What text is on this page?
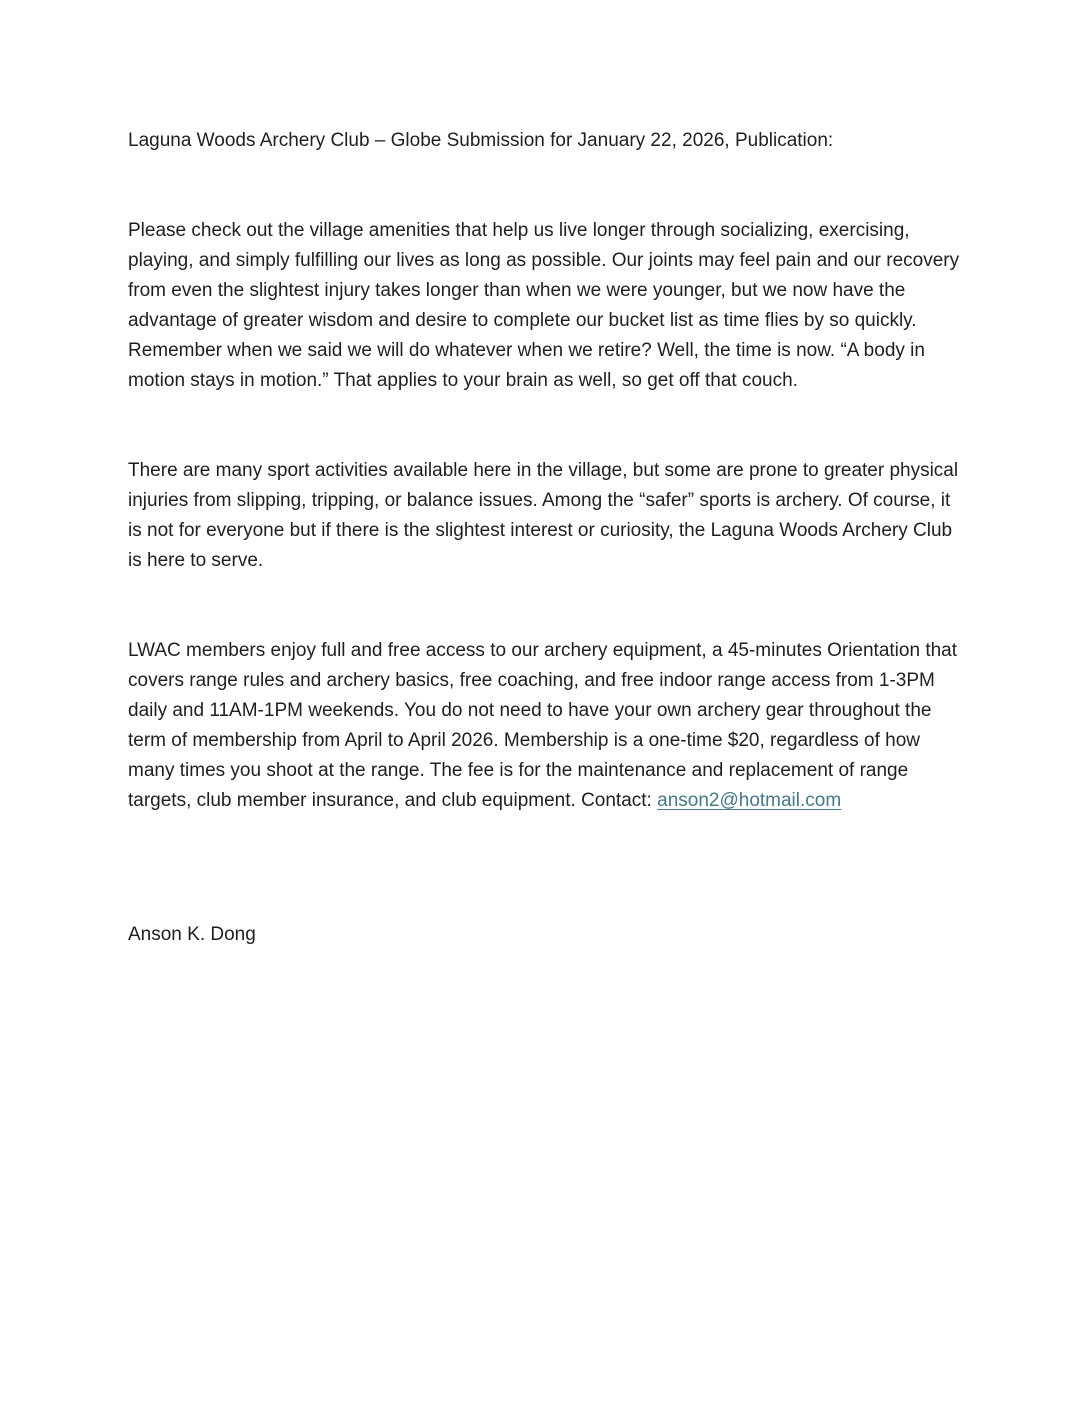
Laguna Woods Archery Club – Globe Submission for January 22, 2026, Publication:

Please check out the village amenities that help us live longer through socializing, exercising, playing, and simply fulfilling our lives as long as possible. Our joints may feel pain and our recovery from even the slightest injury takes longer than when we were younger, but we now have the advantage of greater wisdom and desire to complete our bucket list as time flies by so quickly. Remember when we said we will do whatever when we retire? Well, the time is now. “A body in motion stays in motion.” That applies to your brain as well, so get off that couch.

There are many sport activities available here in the village, but some are prone to greater physical injuries from slipping, tripping, or balance issues. Among the “safer” sports is archery. Of course, it is not for everyone but if there is the slightest interest or curiosity, the Laguna Woods Archery Club is here to serve.

LWAC members enjoy full and free access to our archery equipment, a 45-minutes Orientation that covers range rules and archery basics, free coaching, and free indoor range access from 1-3PM daily and 11AM-1PM weekends. You do not need to have your own archery gear throughout the term of membership from April to April 2026. Membership is a one-time $20, regardless of how many times you shoot at the range. The fee is for the maintenance and replacement of range targets, club member insurance, and club equipment. Contact: anson2@hotmail.com

Anson K. Dong
